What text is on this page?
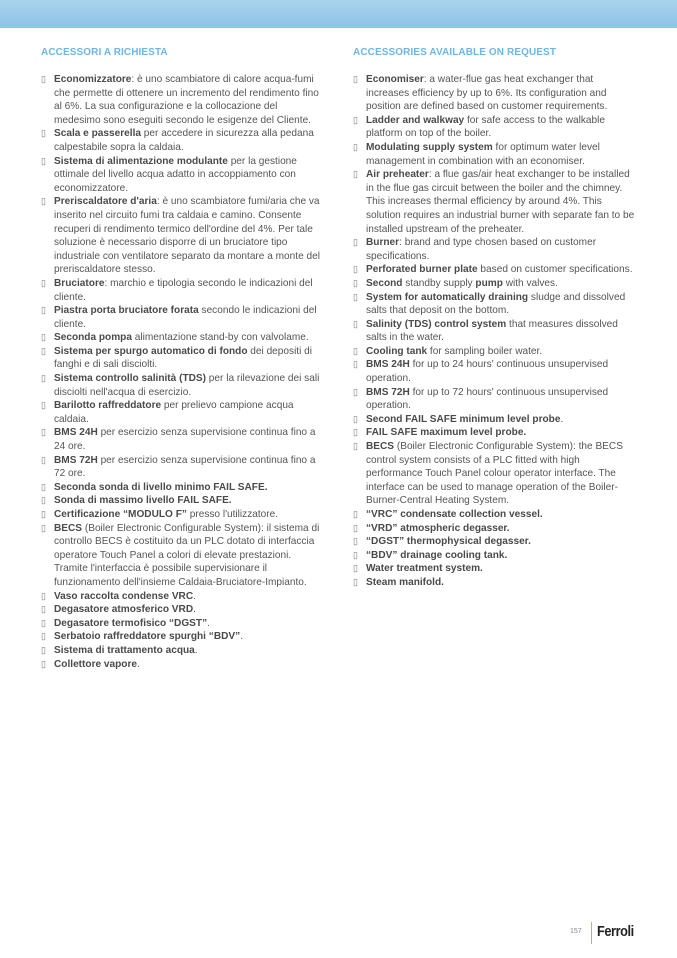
ACCESSORI A RICHIESTA
▯ Economizzatore: è uno scambiatore di calore acqua-fumi che permette di ottenere un incremento del rendimento fino al 6%. La sua configurazione e la collocazione del medesimo sono eseguiti secondo le esigenze del Cliente.
▯ Scala e passerella per accedere in sicurezza alla pedana calpestabile sopra la caldaia.
▯ Sistema di alimentazione modulante per la gestione ottimale del livello acqua adatto in accoppiamento con economizzatore.
▯ Preriscaldatore d'aria: è uno scambiatore fumi/aria che va inserito nel circuito fumi tra caldaia e camino. Consente recuperi di rendimento termico dell'ordine del 4%. Per tale soluzione è necessario disporre di un bruciatore tipo industriale con ventilatore separato da montare a monte del preriscaldatore stesso.
▯ Bruciatore: marchio e tipologia secondo le indicazioni del cliente.
▯ Piastra porta bruciatore forata secondo le indicazioni del cliente.
▯ Seconda pompa alimentazione stand-by con valvolame.
▯ Sistema per spurgo automatico di fondo dei depositi di fanghi e di sali disciolti.
▯ Sistema controllo salinità (TDS) per la rilevazione dei sali disciolti nell'acqua di esercizio.
▯ Barilotto raffreddatore per prelievo campione acqua caldaia.
▯ BMS 24H per esercizio senza supervisione continua fino a 24 ore.
▯ BMS 72H per esercizio senza supervisione continua fino a 72 ore.
▯ Seconda sonda di livello minimo FAIL SAFE.
▯ Sonda di massimo livello FAIL SAFE.
▯ Certificazione “MODULO F” presso l'utilizzatore.
▯ BECS (Boiler Electronic Configurable System): il sistema di controllo BECS è costituito da un PLC dotato di interfaccia operatore Touch Panel a colori di elevate prestazioni. Tramite l'interfaccia è possibile supervisionare il funzionamento dell'insieme Caldaia-Bruciatore-Impianto.
▯ Vaso raccolta condense VRC.
▯ Degasatore atmosferico VRD.
▯ Degasatore termofisico “DGST”.
▯ Serbatoio raffreddatore spurghi “BDV”.
▯ Sistema di trattamento acqua.
▯ Collettore vapore.
ACCESSORIES AVAILABLE ON REQUEST
▯ Economiser: a water-flue gas heat exchanger that increases efficiency by up to 6%. Its configuration and position are defined based on customer requirements.
▯ Ladder and walkway for safe access to the walkable platform on top of the boiler.
▯ Modulating supply system for optimum water level management in combination with an economiser.
▯ Air preheater: a flue gas/air heat exchanger to be installed in the flue gas circuit between the boiler and the chimney. This increases thermal efficiency by around 4%. This solution requires an industrial burner with separate fan to be installed upstream of the preheater.
▯ Burner: brand and type chosen based on customer specifications.
▯ Perforated burner plate based on customer specifications.
▯ Second standby supply pump with valves.
▯ System for automatically draining sludge and dissolved salts that deposit on the bottom.
▯ Salinity (TDS) control system that measures dissolved salts in the water.
▯ Cooling tank for sampling boiler water.
▯ BMS 24H for up to 24 hours' continuous unsupervised operation.
▯ BMS 72H for up to 72 hours' continuous unsupervised operation.
▯ Second FAIL SAFE minimum level probe.
▯ FAIL SAFE maximum level probe.
▯ BECS (Boiler Electronic Configurable System): the BECS control system consists of a PLC fitted with high performance Touch Panel colour operator interface. The interface can be used to manage operation of the Boiler-Burner-Central Heating System.
▯ “VRC” condensate collection vessel.
▯ “VRD” atmospheric degasser.
▯ “DGST” thermophysical degasser.
▯ “BDV” drainage cooling tank.
▯ Water treatment system.
▯ Steam manifold.
157 Ferroli
